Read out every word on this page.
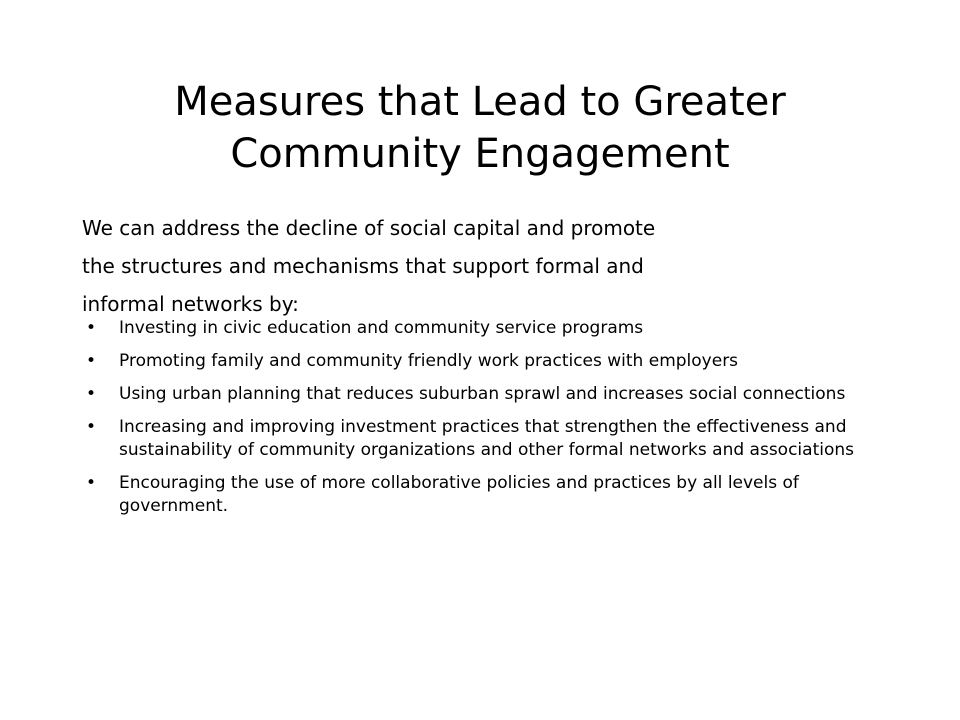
Measures that Lead to Greater
Community Engagement

We can address the decline of social capital and promote
the structures and mechanisms that support formal and
informal networks by:

• Investing in civic education and community service programs
• Promoting family and community friendly work practices with employers
• Using urban planning that reduces suburban sprawl and increases social connections
• Increasing and improving investment practices that strengthen the effectiveness and sustainability of community organizations and other formal networks and associations
• Encouraging the use of more collaborative policies and practices by all levels of government.
